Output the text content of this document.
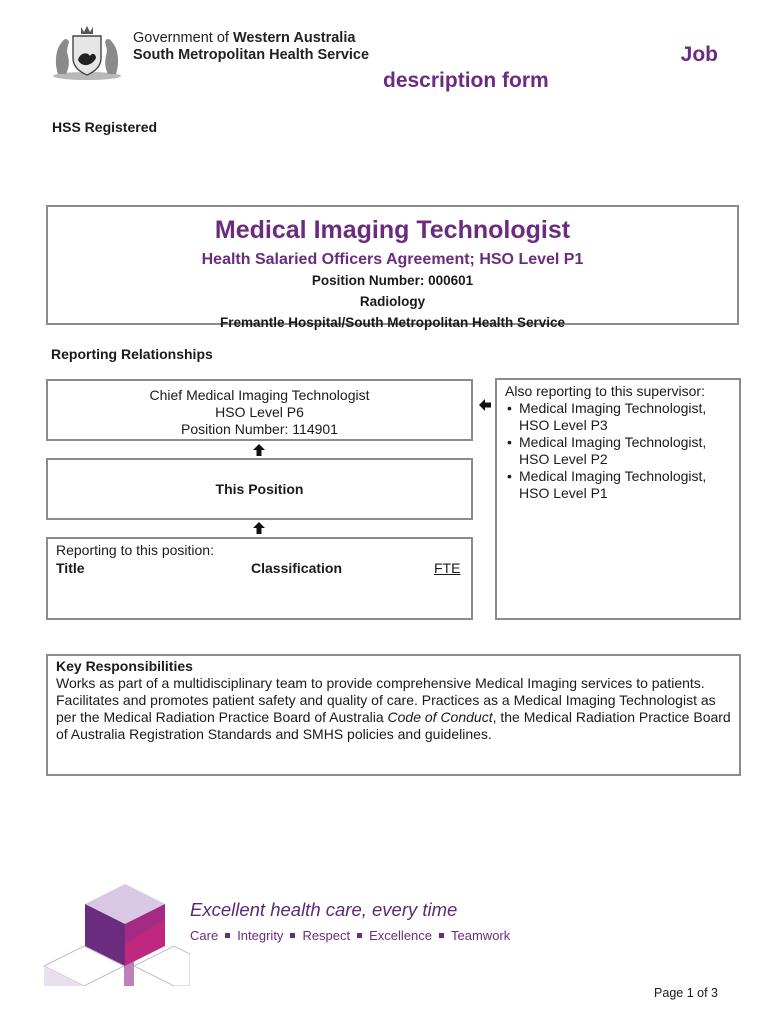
Government of Western Australia
South Metropolitan Health Service	Job
description form
HSS Registered
Medical Imaging Technologist
Health Salaried Officers Agreement; HSO Level P1
Position Number: 000601
Radiology
Fremantle Hospital/South Metropolitan Health Service
Reporting Relationships
Chief Medical Imaging Technologist
HSO Level P6
Position Number: 114901
This Position
Reporting to this position:
Title	Classification	FTE
Also reporting to this supervisor:
• Medical Imaging Technologist,
HSO Level P3
• Medical Imaging Technologist,
HSO Level P2
• Medical Imaging Technologist,
HSO Level P1
Key Responsibilities
Works as part of a multidisciplinary team to provide comprehensive Medical Imaging services to patients. Facilitates and promotes patient safety and quality of care. Practices as a Medical Imaging Technologist as per the Medical Radiation Practice Board of Australia Code of Conduct, the Medical Radiation Practice Board of Australia Registration Standards and SMHS policies and guidelines.
Excellent health care, every time
Care Integrity Respect Excellence Teamwork
Page 1 of 3
